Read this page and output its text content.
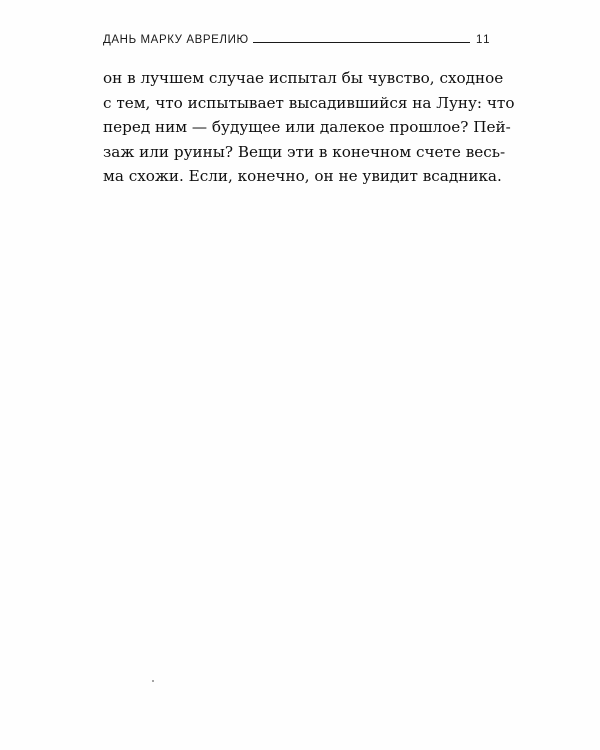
ДАНЬ МАРКУ АВРЕЛИЮ	11
он в лучшем случае испытал бы чувство, сходное
с тем, что испытывает высадившийся на Луну: что
перед ним — будущее или далекое прошлое? Пей-
заж или руины? Вещи эти в конечном счете весь-
ма схожи. Если, конечно, он не увидит всадника.
